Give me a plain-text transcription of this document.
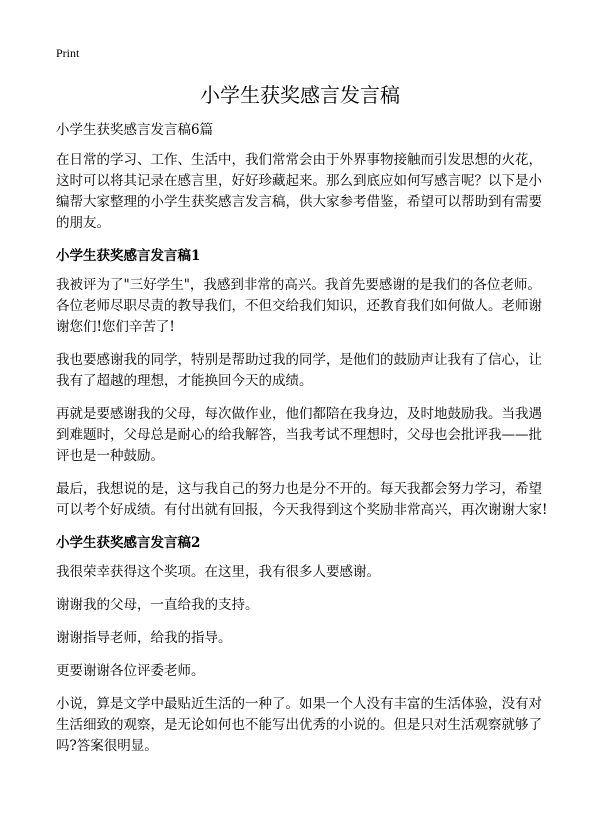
Print
小学生获奖感言发言稿

小学生获奖感言发言稿6篇

在日常的学习、工作、生活中，我们常常会由于外界事物接触而引发思想的火花，这时可以将其记录在感言里，好好珍藏起来。那么到底应如何写感言呢？以下是小编帮大家整理的小学生获奖感言发言稿，供大家参考借鉴，希望可以帮助到有需要的朋友。

小学生获奖感言发言稿1

我被评为了"三好学生"，我感到非常的高兴。我首先要感谢的是我们的各位老师。各位老师尽职尽责的教导我们，不但交给我们知识，还教育我们如何做人。老师谢谢您们!您们辛苦了!

我也要感谢我的同学，特别是帮助过我的同学，是他们的鼓励声让我有了信心，让我有了超越的理想，才能换回今天的成绩。

再就是要感谢我的父母，每次做作业，他们都陪在我身边，及时地鼓励我。当我遇到难题时，父母总是耐心的给我解答，当我考试不理想时，父母也会批评我——批评也是一种鼓励。

最后，我想说的是，这与我自己的努力也是分不开的。每天我都会努力学习，希望可以考个好成绩。有付出就有回报，今天我得到这个奖励非常高兴，再次谢谢大家!

小学生获奖感言发言稿2

我很荣幸获得这个奖项。在这里，我有很多人要感谢。

谢谢我的父母，一直给我的支持。

谢谢指导老师，给我的指导。

更要谢谢各位评委老师。

小说，算是文学中最贴近生活的一种了。如果一个人没有丰富的生活体验，没有对生活细致的观察，是无论如何也不能写出优秀的小说的。但是只对生活观察就够了吗?答案很明显。
